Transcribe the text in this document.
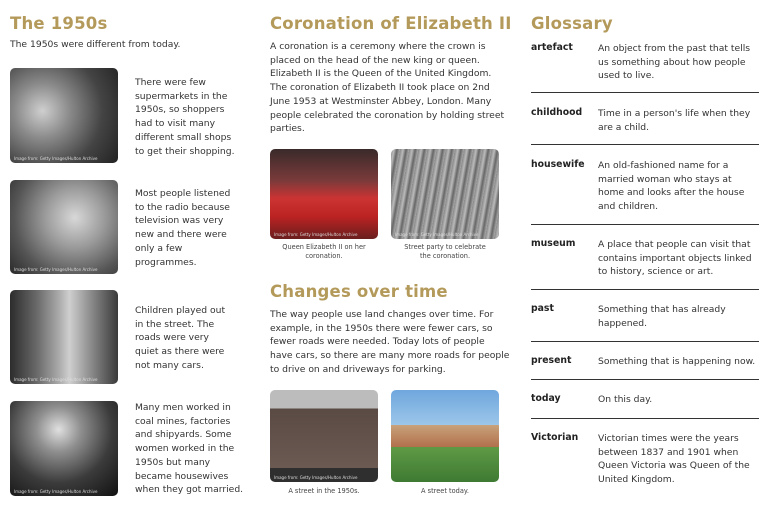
The 1950s
The 1950s were different from today.
Image from: Getty Images/Hulton Archive
There were few supermarkets in the 1950s, so shoppers had to visit many different small shops to get their shopping.
Image from: Getty Images/Hulton Archive
Most people listened to the radio because television was very new and there were only a few programmes.
Image from: Getty Images/Hulton Archive
Children played out in the street. The roads were very quiet as there were not many cars.
Image from: Getty Images/Hulton Archive
Many men worked in coal mines, factories and shipyards. Some women worked in the 1950s but many became housewives when they got married.
Coronation of Elizabeth II
A coronation is a ceremony where the crown is placed on the head of the new king or queen. Elizabeth II is the Queen of the United Kingdom. The coronation of Elizabeth II took place on 2nd June 1953 at Westminster Abbey, London. Many people celebrated the coronation by holding street parties.
Image from: Getty Images/Hulton Archive
Queen Elizabeth II on her coronation.
Image from: Getty Images/Hulton Archive
Street party to celebrate the coronation.
Changes over time
The way people use land changes over time. For example, in the 1950s there were fewer cars, so fewer roads were needed. Today lots of people have cars, so there are many more roads for people to drive on and driveways for parking.
Image from: Getty Images/Hulton Archive
A street in the 1950s.	A street today.
Glossary
artefact	An object from the past that tells us something about how people used to live.
childhood Time in a person's life when they are a child.
housewife An old-fashioned name for a married woman who stays at home and looks after the house and children.
museum A place that people can visit that contains important objects linked to history, science or art.
past	Something that has already happened.
present	Something that is happening now.
today	On this day.
Victorian Victorian times were the years between 1837 and 1901 when Queen Victoria was Queen of the United Kingdom.
